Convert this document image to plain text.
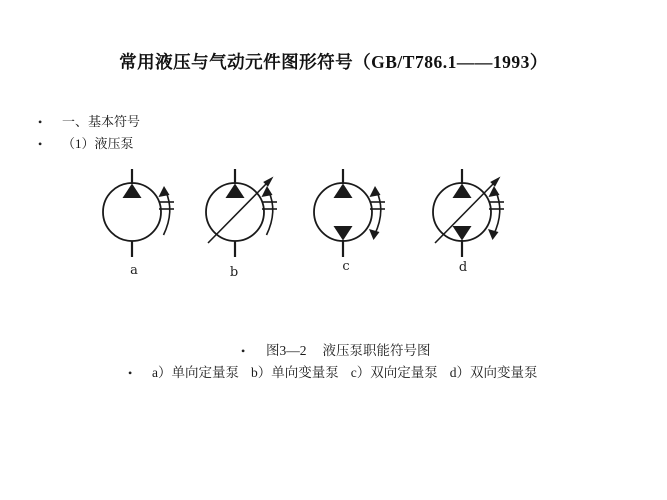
常用液压与气动元件图形符号（GB/T786.1——1993）
•	一、基本符号
•	（1）液压泵
a	b	c	d
•	图3—2 液压泵职能符号图
•	a）单向定量泵 b）单向变量泵 c）双向定量泵 d）双向变量泵
